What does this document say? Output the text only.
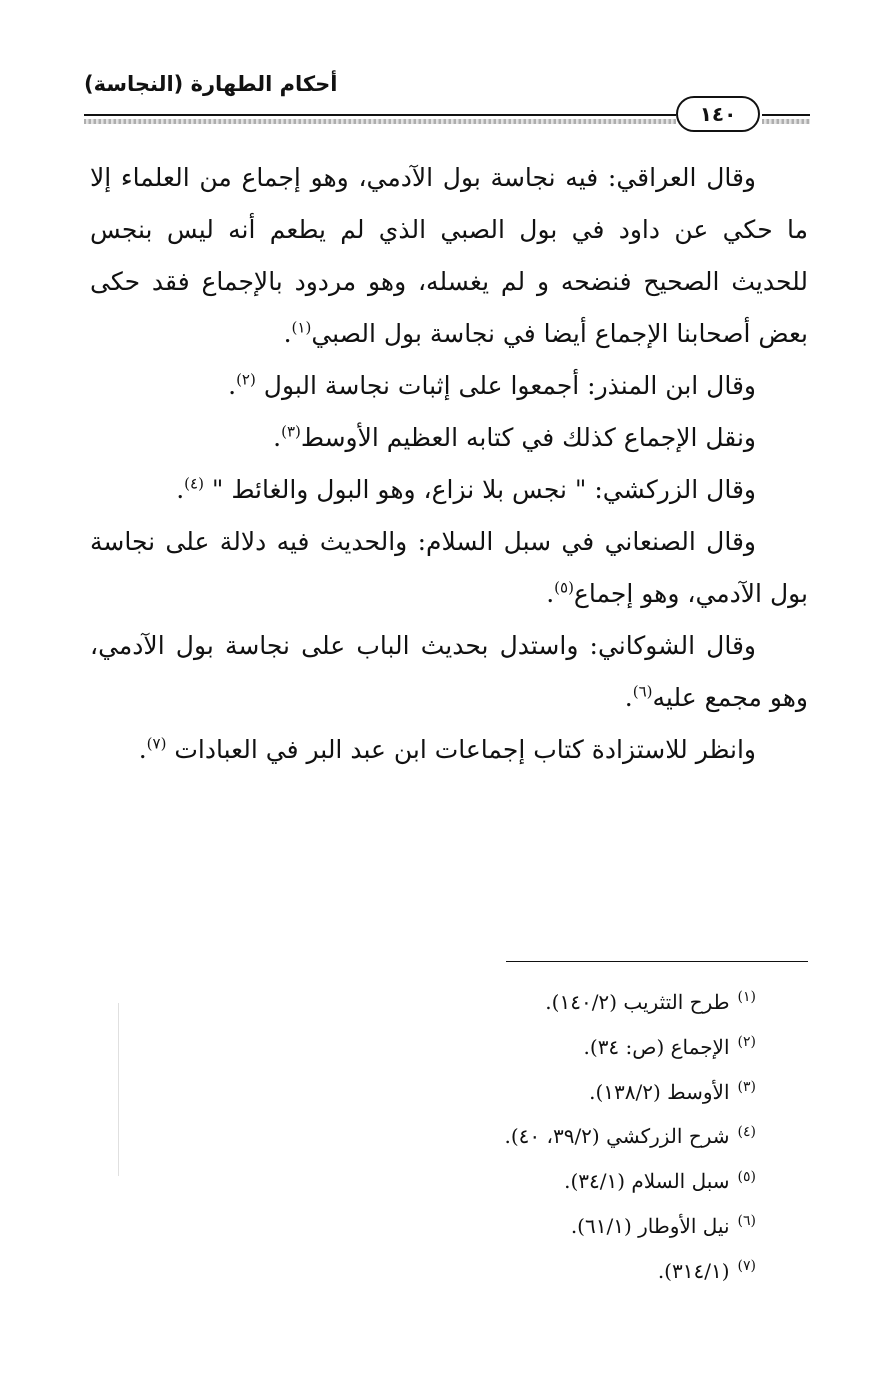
أحكام الطهارة (النجاسة)
١٤٠

وقال العراقي: فيه نجاسة بول الآدمي، وهو إجماع من العلماء إلا ما حكي عن داود في بول الصبي الذي لم يطعم أنه ليس بنجس للحديث الصحيح فنضحه و لم يغسله، وهو مردود بالإجماع فقد حكى بعض أصحابنا الإجماع أيضا في نجاسة بول الصبي$^{(١)}$.

وقال ابن المنذر: أجمعوا على إثبات نجاسة البول $^{(٢)}$.

ونقل الإجماع كذلك في كتابه العظيم الأوسط$^{(٣)}$.

وقال الزركشي: " نجس بلا نزاع، وهو البول والغائط " $^{(٤)}$.

وقال الصنعاني في سبل السلام: والحديث فيه دلالة على نجاسة بول الآدمي، وهو إجماع$^{(٥)}$.

وقال الشوكاني: واستدل بحديث الباب على نجاسة بول الآدمي، وهو مجمع عليه$^{(٦)}$.

وانظر للاستزادة كتاب إجماعات ابن عبد البر في العبادات $^{(٧)}$.

$^{(١)}$طرح التثريب (١٤٠/٢).
$^{(٢)}$الإجماع (ص: ٣٤).
$^{(٣)}$الأوسط (١٣٨/٢).
$^{(٤)}$شرح الزركشي (٣٩/٢، ٤٠).
$^{(٥)}$سبل السلام (٣٤/١).
$^{(٦)}$نيل الأوطار (٦١/١).
$^{(٧)}$(٣١٤/١).
